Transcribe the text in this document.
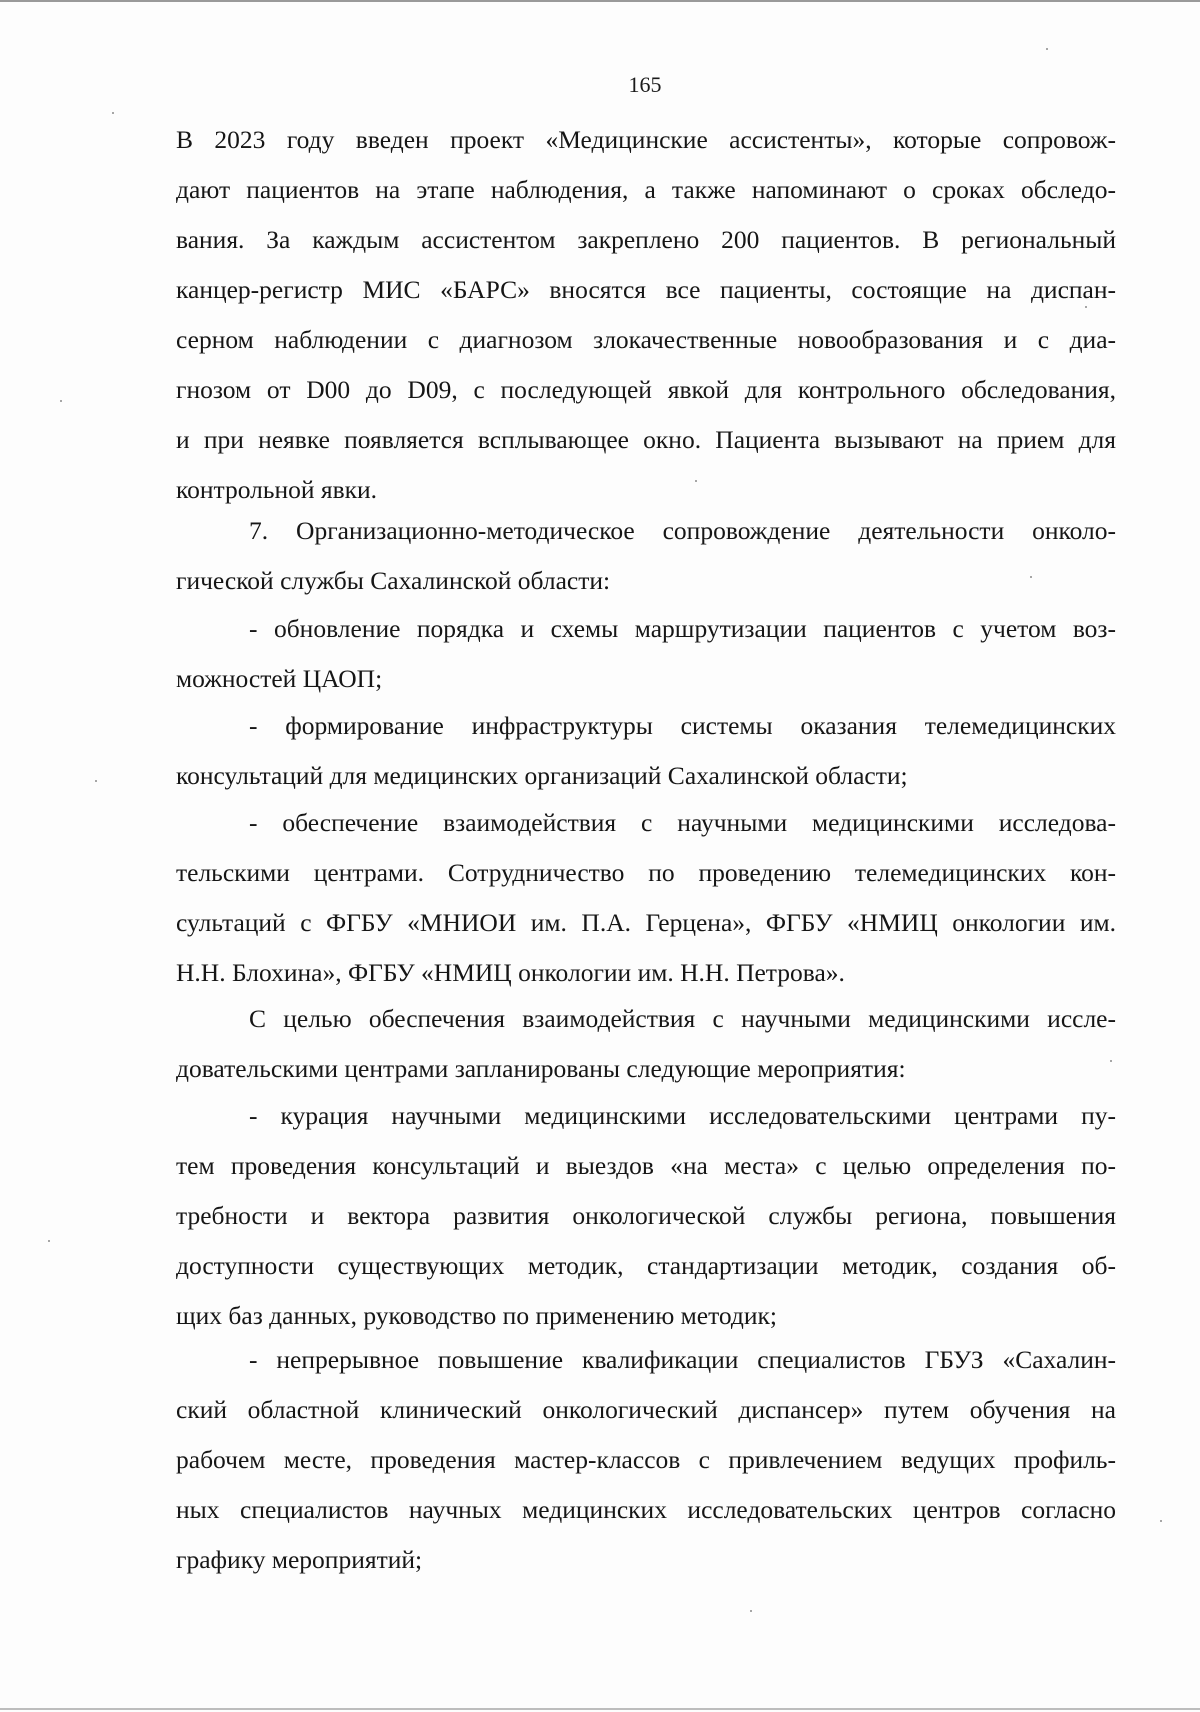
165
В 2023 году введен проект «Медицинские ассистенты», которые сопровож-
дают пациентов на этапе наблюдения, а также напоминают о сроках обследо-
вания. За каждым ассистентом закреплено 200 пациентов. В региональный
канцер-регистр МИС «БАРС» вносятся все пациенты, состоящие на диспан-
серном наблюдении с диагнозом злокачественные новообразования и с диа-
гнозом от D00 до D09, с последующей явкой для контрольного обследования,
и при неявке появляется всплывающее окно. Пациента вызывают на прием для
контрольной явки.
7. Организационно-методическое сопровождение деятельности онколо-
гической службы Сахалинской области:
- обновление порядка и схемы маршрутизации пациентов с учетом воз-
можностей ЦАОП;
- формирование инфраструктуры системы оказания телемедицинских
консультаций для медицинских организаций Сахалинской области;
- обеспечение взаимодействия с научными медицинскими исследова-
тельскими центрами. Сотрудничество по проведению телемедицинских кон-
сультаций с ФГБУ «МНИОИ им. П.А. Герцена», ФГБУ «НМИЦ онкологии им.
Н.Н. Блохина», ФГБУ «НМИЦ онкологии им. Н.Н. Петрова».
С целью обеспечения взаимодействия с научными медицинскими иссле-
довательскими центрами запланированы следующие мероприятия:
- курация научными медицинскими исследовательскими центрами пу-
тем проведения консультаций и выездов «на места» с целью определения по-
требности и вектора развития онкологической службы региона, повышения
доступности существующих методик, стандартизации методик, создания об-
щих баз данных, руководство по применению методик;
- непрерывное повышение квалификации специалистов ГБУЗ «Сахалин-
ский областной клинический онкологический диспансер» путем обучения на
рабочем месте, проведения мастер-классов с привлечением ведущих профиль-
ных специалистов научных медицинских исследовательских центров согласно
графику мероприятий;
